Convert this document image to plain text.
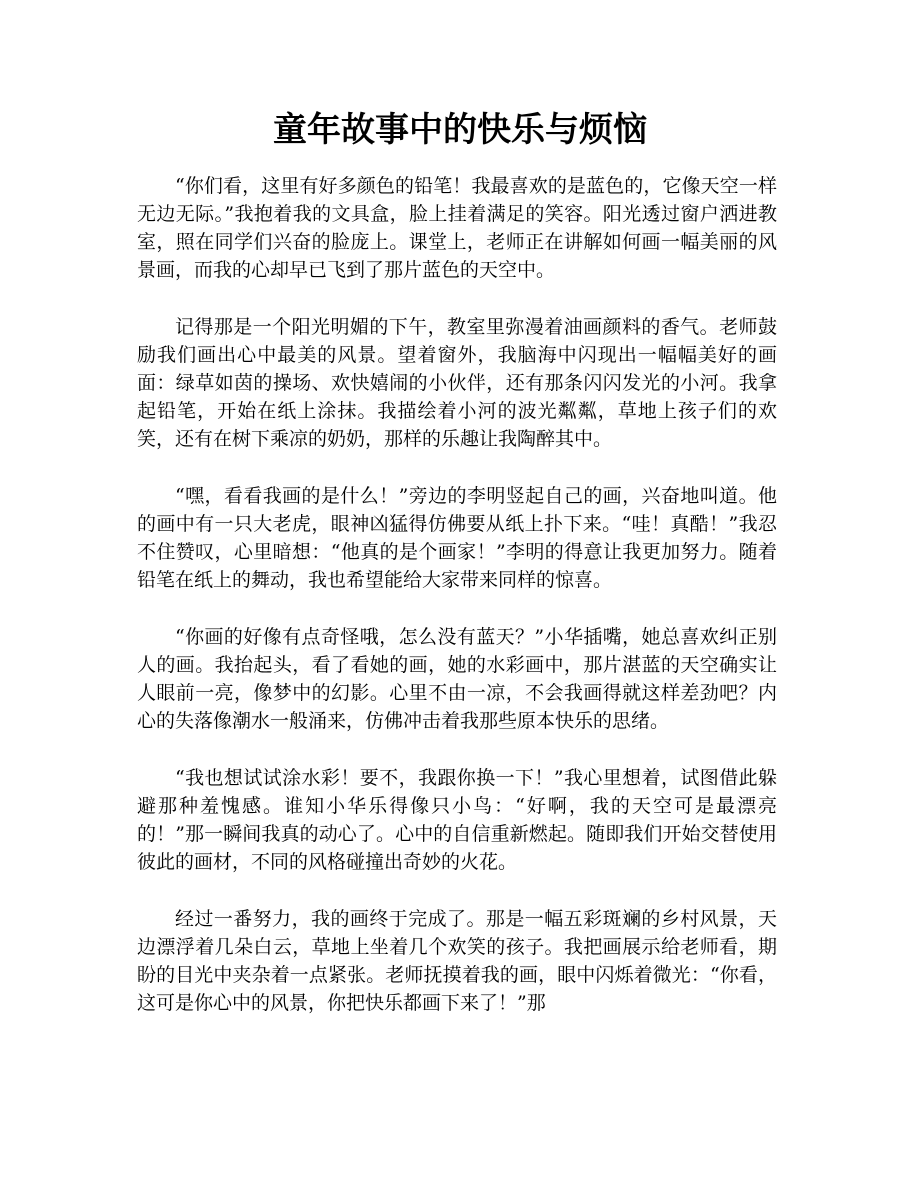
童年故事中的快乐与烦恼

“你们看，这里有好多颜色的铅笔！我最喜欢的是蓝色的，它像天空一样无边无际。”我抱着我的文具盒，脸上挂着满足的笑容。阳光透过窗户洒进教室，照在同学们兴奋的脸庞上。课堂上，老师正在讲解如何画一幅美丽的风景画，而我的心却早已飞到了那片蓝色的天空中。

记得那是一个阳光明媚的下午，教室里弥漫着油画颜料的香气。老师鼓励我们画出心中最美的风景。望着窗外，我脑海中闪现出一幅幅美好的画面：绿草如茵的操场、欢快嬉闹的小伙伴，还有那条闪闪发光的小河。我拿起铅笔，开始在纸上涂抹。我描绘着小河的波光粼粼，草地上孩子们的欢笑，还有在树下乘凉的奶奶，那样的乐趣让我陶醉其中。

“嘿，看看我画的是什么！”旁边的李明竖起自己的画，兴奋地叫道。他的画中有一只大老虎，眼神凶猛得仿佛要从纸上扑下来。“哇！真酷！”我忍不住赞叹，心里暗想：“他真的是个画家！”李明的得意让我更加努力。随着铅笔在纸上的舞动，我也希望能给大家带来同样的惊喜。

“你画的好像有点奇怪哦，怎么没有蓝天？”小华插嘴，她总喜欢纠正别人的画。我抬起头，看了看她的画，她的水彩画中，那片湛蓝的天空确实让人眼前一亮，像梦中的幻影。心里不由一凉，不会我画得就这样差劲吧？内心的失落像潮水一般涌来，仿佛冲击着我那些原本快乐的思绪。

“我也想试试涂水彩！要不，我跟你换一下！”我心里想着，试图借此躲避那种羞愧感。谁知小华乐得像只小鸟：“好啊，我的天空可是最漂亮的！”那一瞬间我真的动心了。心中的自信重新燃起。随即我们开始交替使用彼此的画材，不同的风格碰撞出奇妙的火花。

经过一番努力，我的画终于完成了。那是一幅五彩斑斓的乡村风景，天边漂浮着几朵白云，草地上坐着几个欢笑的孩子。我把画展示给老师看，期盼的目光中夹杂着一点紧张。老师抚摸着我的画，眼中闪烁着微光：“你看，这可是你心中的风景，你把快乐都画下来了！”那
